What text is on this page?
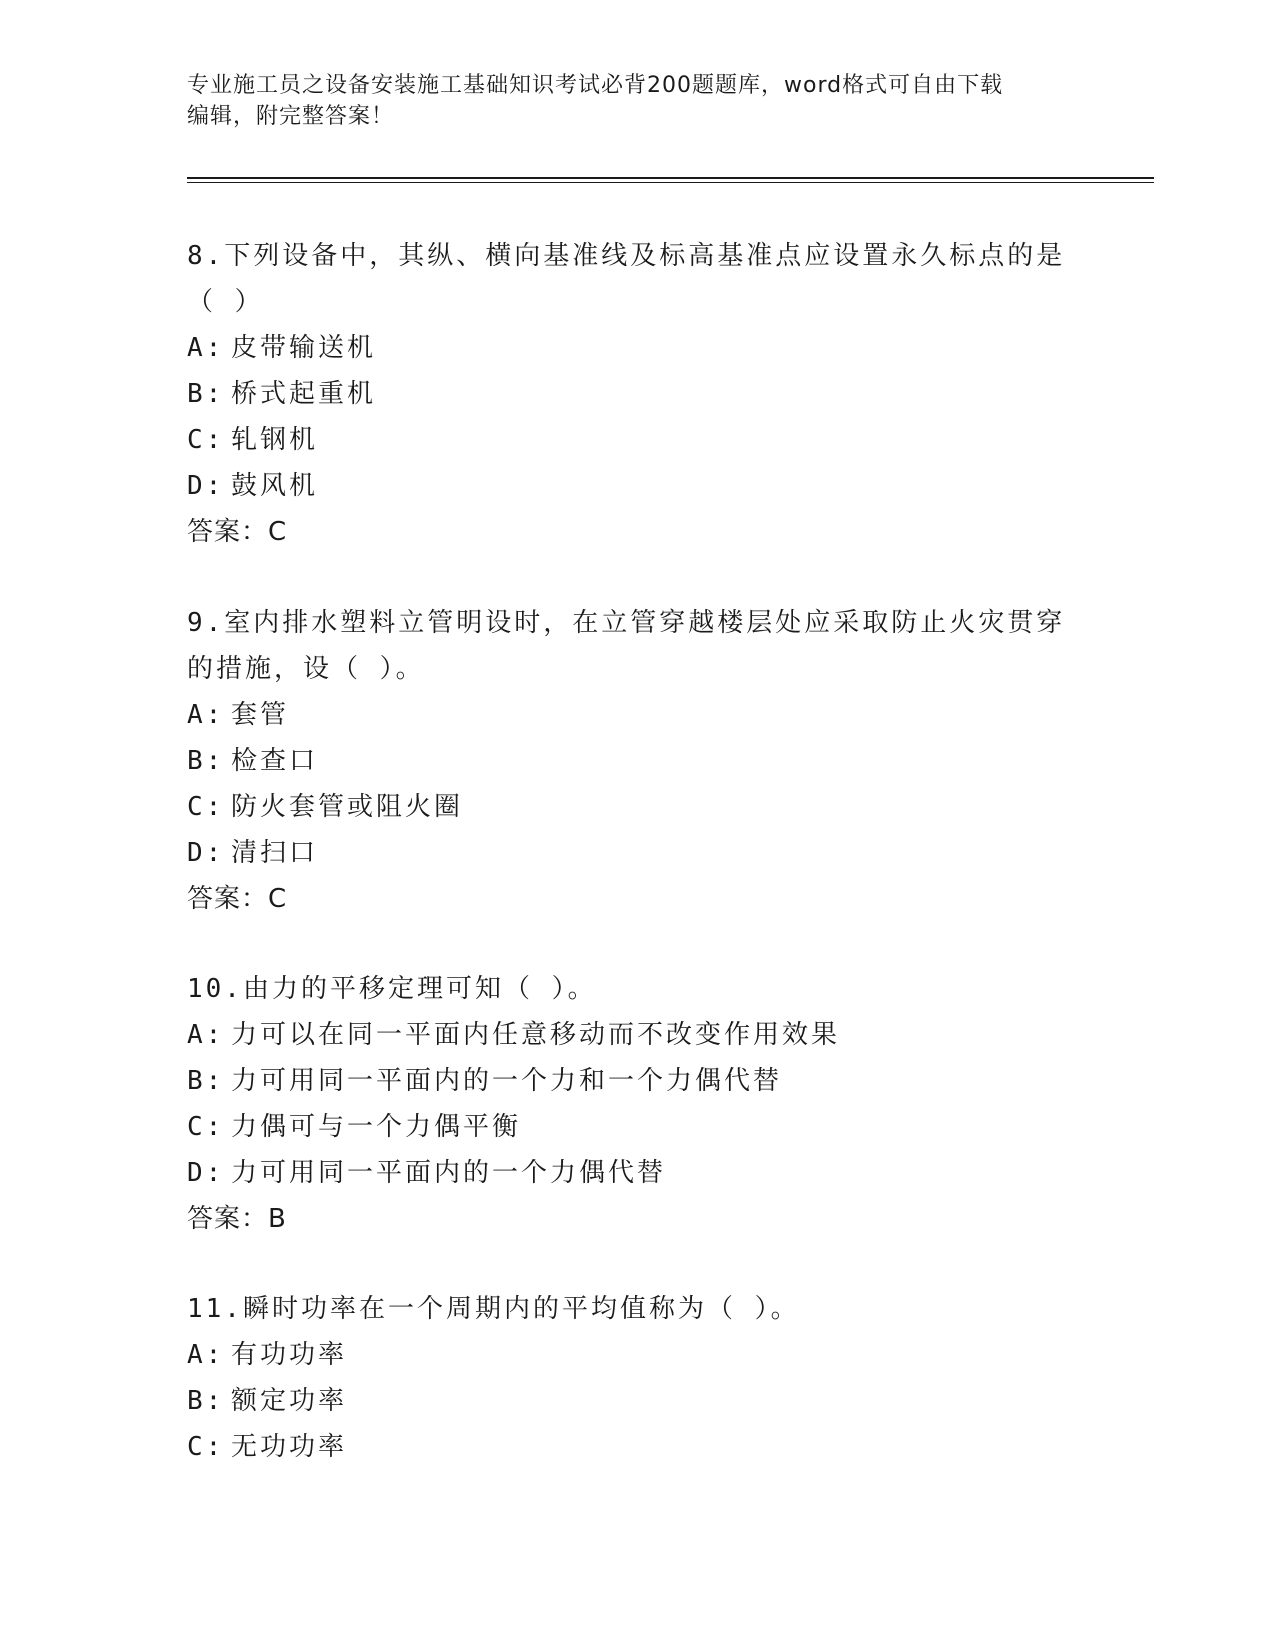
专业施工员之设备安装施工基础知识考试必背200题题库，word格式可自由下载
编辑，附完整答案！
8.下列设备中，其纵、横向基准线及标高基准点应设置永久标点的是（ ）
A: 皮带输送机
B: 桥式起重机
C: 轧钢机
D: 鼓风机
答案：C
9.室内排水塑料立管明设时，在立管穿越楼层处应采取防止火灾贯穿的措施，设（ ）。
A: 套管
B: 检查口
C: 防火套管或阻火圈
D: 清扫口
答案：C
10.由力的平移定理可知（ ）。
A: 力可以在同一平面内任意移动而不改变作用效果
B: 力可用同一平面内的一个力和一个力偶代替
C: 力偶可与一个力偶平衡
D: 力可用同一平面内的一个力偶代替
答案：B
11.瞬时功率在一个周期内的平均值称为（ ）。
A: 有功功率
B: 额定功率
C: 无功功率
